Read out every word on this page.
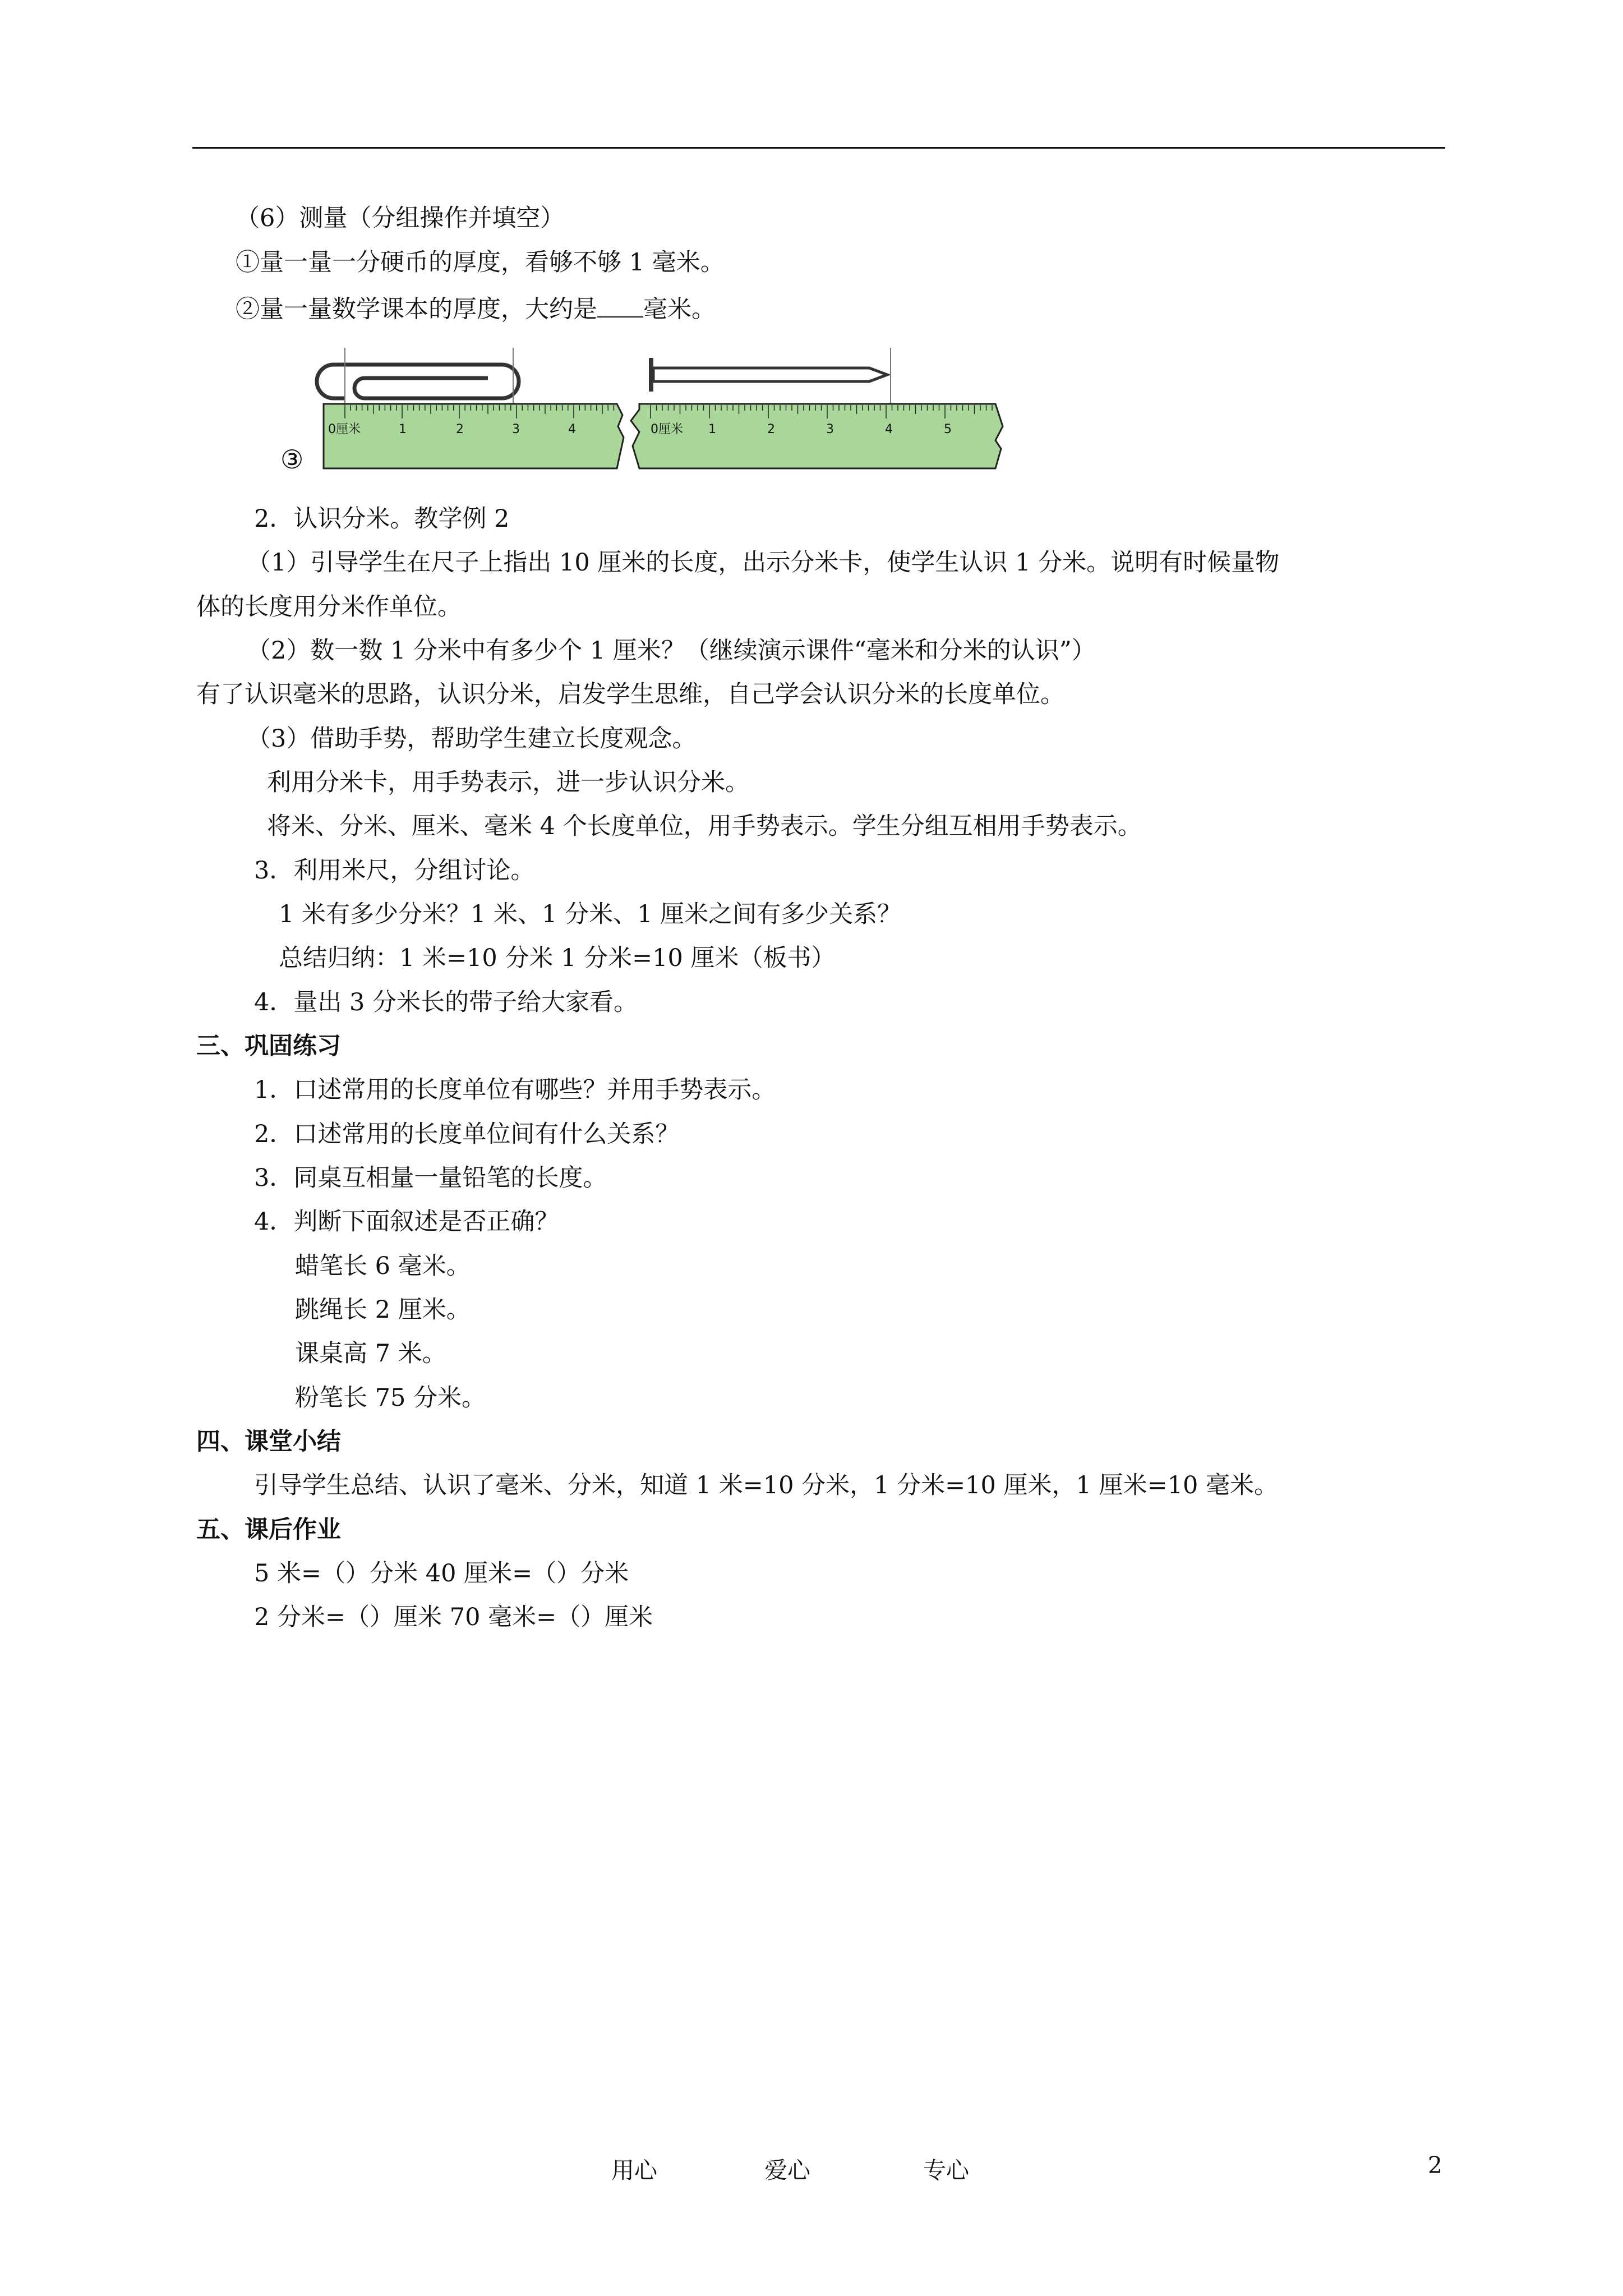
（6）测量（分组操作并填空）
①量一量一分硬币的厚度，看够不够 1 毫米。
②量一量数学课本的厚度，大约是 毫米。
③
0厘米	1	2	3	4	0厘米 1	2	3	4	5
2．认识分米。教学例 2
（1）引导学生在尺子上指出 10 厘米的长度，出示分米卡，使学生认识 1 分米。说明有时候量物
体的长度用分米作单位。
（2）数一数 1 分米中有多少个 1 厘米？（继续演示课件“毫米和分米的认识”）
有了认识毫米的思路，认识分米，启发学生思维，自己学会认识分米的长度单位。
（3）借助手势，帮助学生建立长度观念。
利用分米卡，用手势表示，进一步认识分米。
将米、分米、厘米、毫米 4 个长度单位，用手势表示。学生分组互相用手势表示。
3．利用米尺，分组讨论。
1 米有多少分米？1 米、1 分米、1 厘米之间有多少关系？
总结归纳：1 米=10 分米 1 分米=10 厘米（板书）
4．量出 3 分米长的带子给大家看。
三、巩固练习
1．口述常用的长度单位有哪些？并用手势表示。
2．口述常用的长度单位间有什么关系？
3．同桌互相量一量铅笔的长度。
4．判断下面叙述是否正确？
蜡笔长 6 毫米。
跳绳长 2 厘米。
课桌高 7 米。
粉笔长 75 分米。
四、课堂小结
引导学生总结、认识了毫米、分米，知道 1 米=10 分米，1 分米=10 厘米，1 厘米=10 毫米。
五、课后作业
5 米=（）分米 40 厘米=（）分米
2 分米=（）厘米 70 毫米=（）厘米
用心	爱心	专心	2
